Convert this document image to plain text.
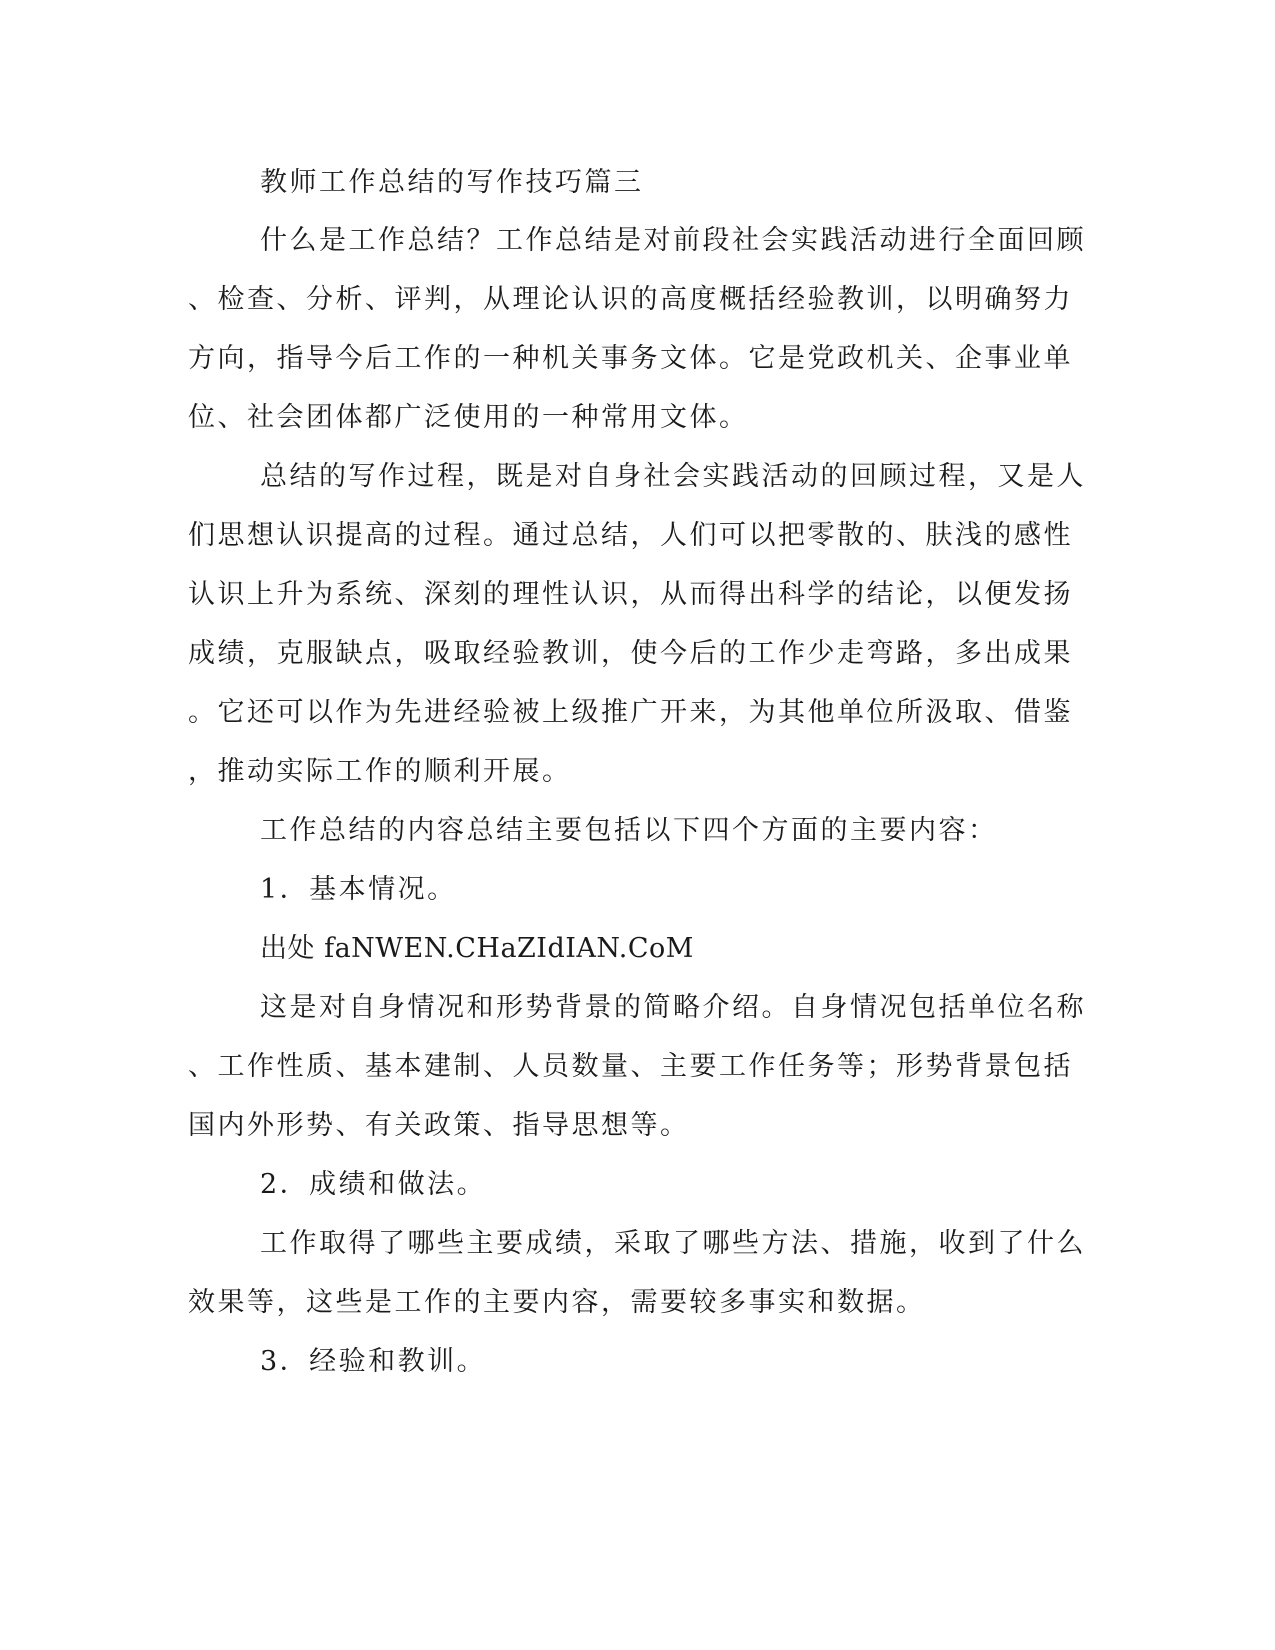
教师工作总结的写作技巧篇三
什么是工作总结？工作总结是对前段社会实践活动进行全面回顾
、检查、分析、评判，从理论认识的高度概括经验教训，以明确努力
方向，指导今后工作的一种机关事务文体。它是党政机关、企事业单
位、社会团体都广泛使用的一种常用文体。
总结的写作过程，既是对自身社会实践活动的回顾过程，又是人
们思想认识提高的过程。通过总结，人们可以把零散的、肤浅的感性
认识上升为系统、深刻的理性认识，从而得出科学的结论，以便发扬
成绩，克服缺点，吸取经验教训，使今后的工作少走弯路，多出成果
。它还可以作为先进经验被上级推广开来，为其他单位所汲取、借鉴
，推动实际工作的顺利开展。
工作总结的内容总结主要包括以下四个方面的主要内容：
1．基本情况。
出处 faNWEN.CHaZIdIAN.CoM
这是对自身情况和形势背景的简略介绍。自身情况包括单位名称
、工作性质、基本建制、人员数量、主要工作任务等；形势背景包括
国内外形势、有关政策、指导思想等。
2．成绩和做法。
工作取得了哪些主要成绩，采取了哪些方法、措施，收到了什么
效果等，这些是工作的主要内容，需要较多事实和数据。
3．经验和教训。
